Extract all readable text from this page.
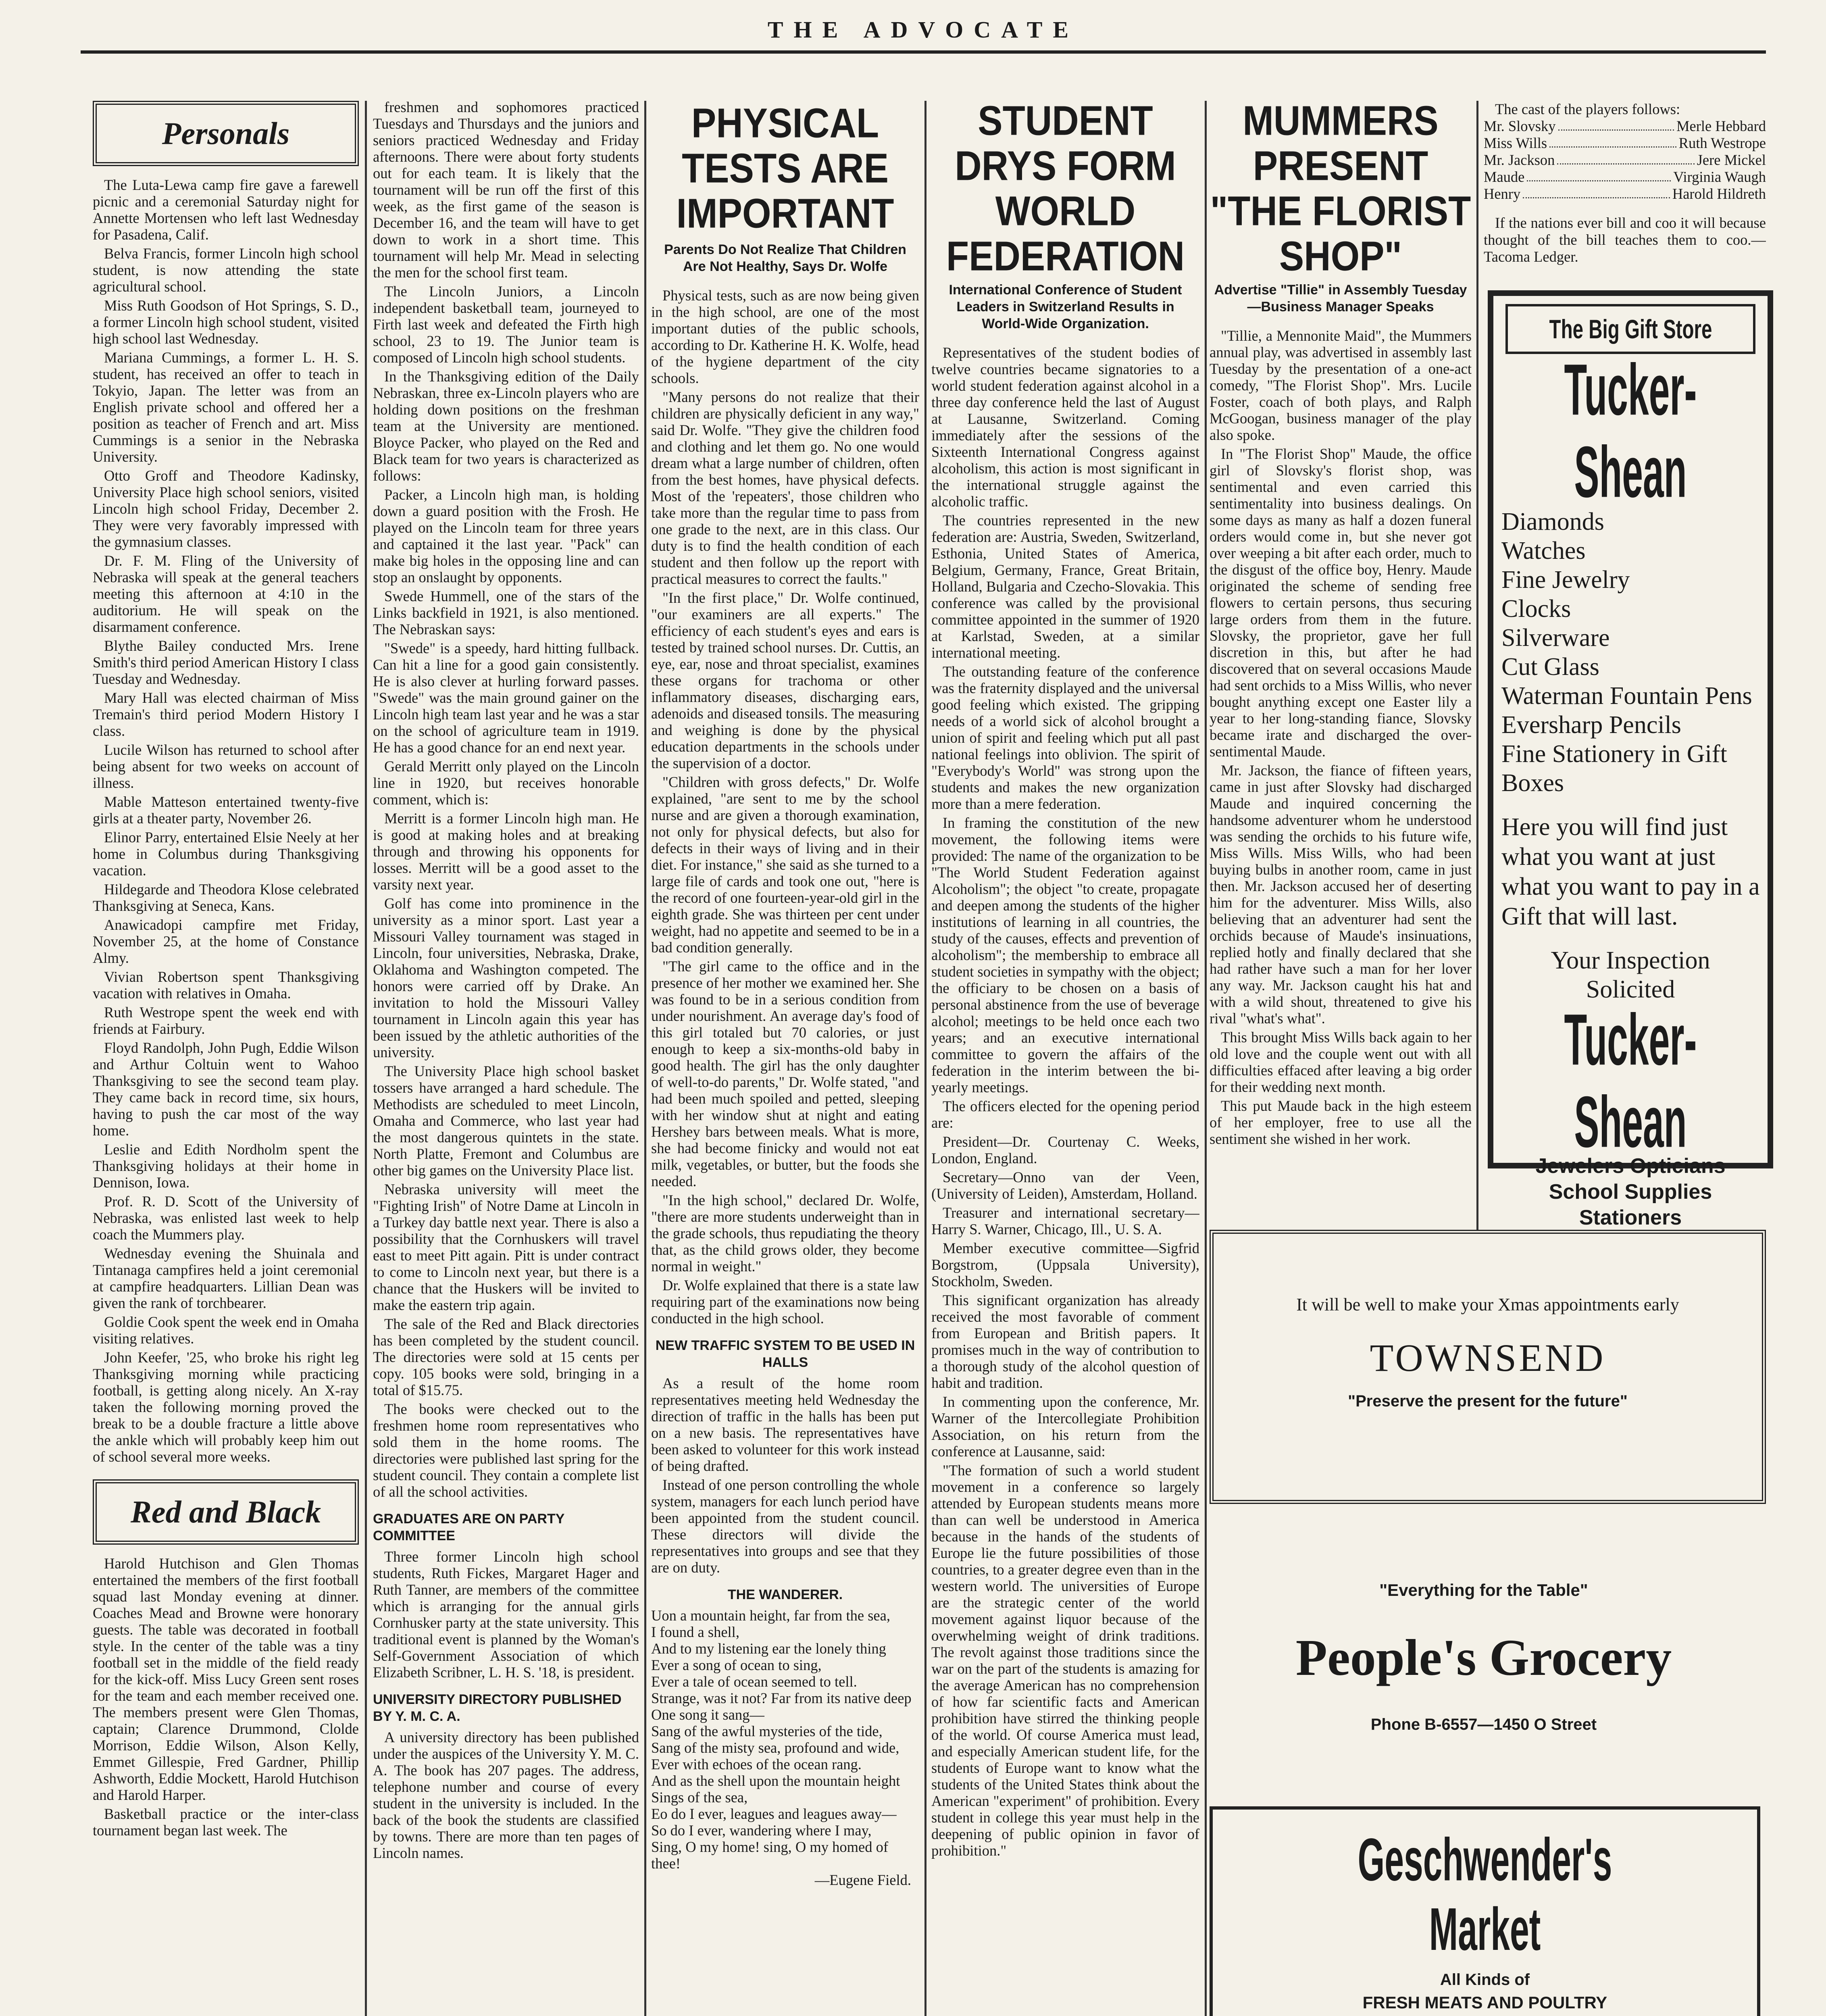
THE ADVOCATE
Personals

The Luta-Lewa camp fire gave a farewell picnic and a ceremonial Saturday night for Annette Mortensen who left last Wednesday for Pasadena, Calif.

Belva Francis, former Lincoln high school student, is now attending the state agricultural school.

Miss Ruth Goodson of Hot Springs, S. D., a former Lincoln high school student, visited high school last Wednesday.

Mariana Cummings, a former L. H. S. student, has received an offer to teach in Tokyio, Japan. The letter was from an English private school and offered her a position as teacher of French and art. Miss Cummings is a senior in the Nebraska University.

Otto Groff and Theodore Kadinsky, University Place high school seniors, visited Lincoln high school Friday, December 2. They were very favorably impressed with the gymnasium classes.

Dr. F. M. Fling of the University of Nebraska will speak at the general teachers meeting this afternoon at 4:10 in the auditorium. He will speak on the disarmament conference.

Blythe Bailey conducted Mrs. Irene Smith's third period American History I class Tuesday and Wednesday.

Mary Hall was elected chairman of Miss Tremain's third period Modern History I class.

Lucile Wilson has returned to school after being absent for two weeks on account of illness.

Mable Matteson entertained twenty-five girls at a theater party, November 26.

Elinor Parry, entertained Elsie Neely at her home in Columbus during Thanksgiving vacation.

Hildegarde and Theodora Klose celebrated Thanksgiving at Seneca, Kans.

Anawicadopi campfire met Friday, November 25, at the home of Constance Almy.

Vivian Robertson spent Thanksgiving vacation with relatives in Omaha.

Ruth Westrope spent the week end with friends at Fairbury.

Floyd Randolph, John Pugh, Eddie Wilson and Arthur Coltuin went to Wahoo Thanksgiving to see the second team play. They came back in record time, six hours, having to push the car most of the way home.

Leslie and Edith Nordholm spent the Thanksgiving holidays at their home in Dennison, Iowa.

Prof. R. D. Scott of the University of Nebraska, was enlisted last week to help coach the Mummers play.

Wednesday evening the Shuinala and Tintanaga campfires held a joint ceremonial at campfire headquarters. Lillian Dean was given the rank of torchbearer.

Goldie Cook spent the week end in Omaha visiting relatives.

John Keefer, '25, who broke his right leg Thanksgiving morning while practicing football, is getting along nicely. An X-ray taken the following morning proved the break to be a double fracture a little above the ankle which will probably keep him out of school several more weeks.

Red and Black

Harold Hutchison and Glen Thomas entertained the members of the first football squad last Monday evening at dinner. Coaches Mead and Browne were honorary guests. The table was decorated in football style. In the center of the table was a tiny football set in the middle of the field ready for the kick-off. Miss Lucy Green sent roses for the team and each member received one. The members present were Glen Thomas, captain; Clarence Drummond, Clolde Morrison, Eddie Wilson, Alson Kelly, Emmet Gillespie, Fred Gardner, Phillip Ashworth, Eddie Mockett, Harold Hutchison and Harold Harper.

Basketball practice or the inter-class tournament began last week. The

freshmen and sophomores practiced Tuesdays and Thursdays and the juniors and seniors practiced Wednesday and Friday afternoons. There were about forty students out for each team. It is likely that the tournament will be run off the first of this week, as the first game of the season is December 16, and the team will have to get down to work in a short time. This tournament will help Mr. Mead in selecting the men for the school first team.

The Lincoln Juniors, a Lincoln independent basketball team, journeyed to Firth last week and defeated the Firth high school, 23 to 19. The Junior team is composed of Lincoln high school students.

In the Thanksgiving edition of the Daily Nebraskan, three ex-Lincoln players who are holding down positions on the freshman team at the University are mentioned. Bloyce Packer, who played on the Red and Black team for two years is characterized as follows:

Packer, a Lincoln high man, is holding down a guard position with the Frosh. He played on the Lincoln team for three years and captained it the last year. "Pack" can make big holes in the opposing line and can stop an onslaught by opponents.

Swede Hummell, one of the stars of the Links backfield in 1921, is also mentioned. The Nebraskan says:

"Swede" is a speedy, hard hitting fullback. Can hit a line for a good gain consistently. He is also clever at hurling forward passes. "Swede" was the main ground gainer on the Lincoln high team last year and he was a star on the school of agriculture team in 1919. He has a good chance for an end next year.

Gerald Merritt only played on the Lincoln line in 1920, but receives honorable comment, which is:

Merritt is a former Lincoln high man. He is good at making holes and at breaking through and throwing his opponents for losses. Merritt will be a good asset to the varsity next year.

Golf has come into prominence in the university as a minor sport. Last year a Missouri Valley tournament was staged in Lincoln, four universities, Nebraska, Drake, Oklahoma and Washington competed. The honors were carried off by Drake. An invitation to hold the Missouri Valley tournament in Lincoln again this year has been issued by the athletic authorities of the university.

The University Place high school basket tossers have arranged a hard schedule. The Methodists are scheduled to meet Lincoln, Omaha and Commerce, who last year had the most dangerous quintets in the state. North Platte, Fremont and Columbus are other big games on the University Place list.

Nebraska university will meet the "Fighting Irish" of Notre Dame at Lincoln in a Turkey day battle next year. There is also a possibility that the Cornhuskers will travel east to meet Pitt again. Pitt is under contract to come to Lincoln next year, but there is a chance that the Huskers will be invited to make the eastern trip again.

The sale of the Red and Black directories has been completed by the student council. The directories were sold at 15 cents per copy. 105 books were sold, bringing in a total of $15.75.

The books were checked out to the freshmen home room representatives who sold them in the home rooms. The directories were published last spring for the student council. They contain a complete list of all the school activities.

GRADUATES ARE ON PARTY COMMITTEE

Three former Lincoln high school students, Ruth Fickes, Margaret Hager and Ruth Tanner, are members of the committee which is arranging for the annual girls Cornhusker party at the state university. This traditional event is planned by the Woman's Self-Government Association of which Elizabeth Scribner, L. H. S. '18, is president.

UNIVERSITY DIRECTORY PUBLISHED BY Y. M. C. A.

A university directory has been published under the auspices of the University Y. M. C. A. The book has 207 pages. The address, telephone number and course of every student in the university is included. In the back of the book the students are classified by towns. There are more than ten pages of Lincoln names.

PHYSICAL TESTS ARE IMPORTANT
Parents Do Not Realize That Children Are Not Healthy, Says Dr. Wolfe

Physical tests, such as are now being given in the high school, are one of the most important duties of the public schools, according to Dr. Katherine H. K. Wolfe, head of the hygiene department of the city schools.

"Many persons do not realize that their children are physically deficient in any way," said Dr. Wolfe. "They give the children food and clothing and let them go. No one would dream what a large number of children, often from the best homes, have physical defects. Most of the 'repeaters', those children who take more than the regular time to pass from one grade to the next, are in this class. Our duty is to find the health condition of each student and then follow up the report with practical measures to correct the faults."

"In the first place," Dr. Wolfe continued, "our examiners are all experts." The efficiency of each student's eyes and ears is tested by trained school nurses. Dr. Cuttis, an eye, ear, nose and throat specialist, examines these organs for trachoma or other inflammatory diseases, discharging ears, adenoids and diseased tonsils. The measuring and weighing is done by the physical education departments in the schools under the supervision of a doctor.

"Children with gross defects," Dr. Wolfe explained, "are sent to me by the school nurse and are given a thorough examination, not only for physical defects, but also for defects in their ways of living and in their diet. For instance," she said as she turned to a large file of cards and took one out, "here is the record of one fourteen-year-old girl in the eighth grade. She was thirteen per cent under weight, had no appetite and seemed to be in a bad condition generally.

"The girl came to the office and in the presence of her mother we examined her. She was found to be in a serious condition from under nourishment. An average day's food of this girl totaled but 70 calories, or just enough to keep a six-months-old baby in good health. The girl has the only daughter of well-to-do parents," Dr. Wolfe stated, "and had been much spoiled and petted, sleeping with her window shut at night and eating Hershey bars between meals. What is more, she had become finicky and would not eat milk, vegetables, or butter, but the foods she needed.

"In the high school," declared Dr. Wolfe, "there are more students underweight than in the grade schools, thus repudiating the theory that, as the child grows older, they become normal in weight."

Dr. Wolfe explained that there is a state law requiring part of the examinations now being conducted in the high school.

NEW TRAFFIC SYSTEM TO BE USED IN HALLS

As a result of the home room representatives meeting held Wednesday the direction of traffic in the halls has been put on a new basis. The representatives have been asked to volunteer for this work instead of being drafted.

Instead of one person controlling the whole system, managers for each lunch period have been appointed from the student council. These directors will divide the representatives into groups and see that they are on duty.

THE WANDERER.
Uon a mountain height, far from the sea,
I found a shell,
And to my listening ear the lonely thing
Ever a song of ocean to sing,
Ever a tale of ocean seemed to tell.
Strange, was it not? Far from its native deep
One song it sang—
Sang of the awful mysteries of the tide,
Sang of the misty sea, profound and wide,
Ever with echoes of the ocean rang.
And as the shell upon the mountain height
Sings of the sea,
Eo do I ever, leagues and leagues away—
So do I ever, wandering where I may,
Sing, O my home! sing, O my homed of thee!
—Eugene Field.
STUDENT DRYS FORM WORLD FEDERATION
International Conference of Student Leaders in Switzerland Results in World-Wide Organization.

Representatives of the student bodies of twelve countries became signatories to a world student federation against alcohol in a three day conference held the last of August at Lausanne, Switzerland. Coming immediately after the sessions of the Sixteenth International Congress against alcoholism, this action is most significant in the international struggle against the alcoholic traffic.

The countries represented in the new federation are: Austria, Sweden, Switzerland, Esthonia, United States of America, Belgium, Germany, France, Great Britain, Holland, Bulgaria and Czecho-Slovakia. This conference was called by the provisional committee appointed in the summer of 1920 at Karlstad, Sweden, at a similar international meeting.

The outstanding feature of the conference was the fraternity displayed and the universal good feeling which existed. The gripping needs of a world sick of alcohol brought a union of spirit and feeling which put all past national feelings into oblivion. The spirit of "Everybody's World" was strong upon the students and makes the new organization more than a mere federation.

In framing the constitution of the new movement, the following items were provided: The name of the organization to be "The World Student Federation against Alcoholism"; the object "to create, propagate and deepen among the students of the higher institutions of learning in all countries, the study of the causes, effects and prevention of alcoholism"; the membership to embrace all student societies in sympathy with the object; the officiary to be chosen on a basis of personal abstinence from the use of beverage alcohol; meetings to be held once each two years; and an executive international committee to govern the affairs of the federation in the interim between the bi-yearly meetings.

The officers elected for the opening period are:

President—Dr. Courtenay C. Weeks, London, England.

Secretary—Onno van der Veen, (University of Leiden), Amsterdam, Holland.

Treasurer and international secretary—Harry S. Warner, Chicago, Ill., U. S. A.

Member executive committee—Sigfrid Borgstrom, (Uppsala University), Stockholm, Sweden.

This significant organization has already received the most favorable of comment from European and British papers. It promises much in the way of contribution to a thorough study of the alcohol question of habit and tradition.

In commenting upon the conference, Mr. Warner of the Intercollegiate Prohibition Association, on his return from the conference at Lausanne, said:

"The formation of such a world student movement in a conference so largely attended by European students means more than can well be understood in America because in the hands of the students of Europe lie the future possibilities of those countries, to a greater degree even than in the western world. The universities of Europe are the strategic center of the world movement against liquor because of the overwhelming weight of drink traditions. The revolt against those traditions since the war on the part of the students is amazing for the average American has no comprehension of how far scientific facts and American prohibition have stirred the thinking people of the world. Of course America must lead, and especially American student life, for the students of Europe want to know what the students of the United States think about the American "experiment" of prohibition. Every student in college this year must help in the deepening of public opinion in favor of prohibition."

MUMMERS PRESENT "THE FLORIST SHOP"
Advertise "Tillie" in Assembly Tuesday—Business Manager Speaks

"Tillie, a Mennonite Maid", the Mummers annual play, was advertised in assembly last Tuesday by the presentation of a one-act comedy, "The Florist Shop". Mrs. Lucile Foster, coach of both plays, and Ralph McGoogan, business manager of the play also spoke.

In "The Florist Shop" Maude, the office girl of Slovsky's florist shop, was sentimental and even carried this sentimentality into business dealings. On some days as many as half a dozen funeral orders would come in, but she never got over weeping a bit after each order, much to the disgust of the office boy, Henry. Maude originated the scheme of sending free flowers to certain persons, thus securing large orders from them in the future. Slovsky, the proprietor, gave her full discretion in this, but after he had discovered that on several occasions Maude had sent orchids to a Miss Willis, who never bought anything except one Easter lily a year to her long-standing fiance, Slovsky became irate and discharged the over-sentimental Maude.

Mr. Jackson, the fiance of fifteen years, came in just after Slovsky had discharged Maude and inquired concerning the handsome adventurer whom he understood was sending the orchids to his future wife, Miss Wills. Miss Wills, who had been buying bulbs in another room, came in just then. Mr. Jackson accused her of deserting him for the adventurer. Miss Wills, also believing that an adventurer had sent the orchids because of Maude's insinuations, replied hotly and finally declared that she had rather have such a man for her lover any way. Mr. Jackson caught his hat and with a wild shout, threatened to give his rival "what's what".

This brought Miss Wills back again to her old love and the couple went out with all difficulties effaced after leaving a big order for their wedding next month.

This put Maude back in the high esteem of her employer, free to use all the sentiment she wished in her work.

The cast of the players follows:
Mr. Slovsky	Merle Hebbard
Miss Wills	Ruth Westrope
Mr. Jackson	Jere Mickel
Maude	Virginia Waugh
Henry	Harold Hildreth
If the nations ever bill and coo it will because thought of the bill teaches them to coo.—Tacoma Ledger.
The Big Gift Store
Tucker-Shean
Diamonds
Watches
Fine Jewelry
Clocks
Silverware
Cut Glass
Waterman Fountain Pens
Eversharp Pencils
Fine Stationery in Gift Boxes
Here you will find just what you want at just what you want to pay in a Gift that will last.
Your Inspection Solicited
Tucker-Shean
Jewelers Opticians School Supplies Stationers
It will be well to make your Xmas appointments early
TOWNSEND
"Preserve the present for the future"
"Everything for the Table"
People's Grocery
Phone B-6557—1450 O Street
Geschwender's Market
All Kinds of
FRESH MEATS AND POULTRY
